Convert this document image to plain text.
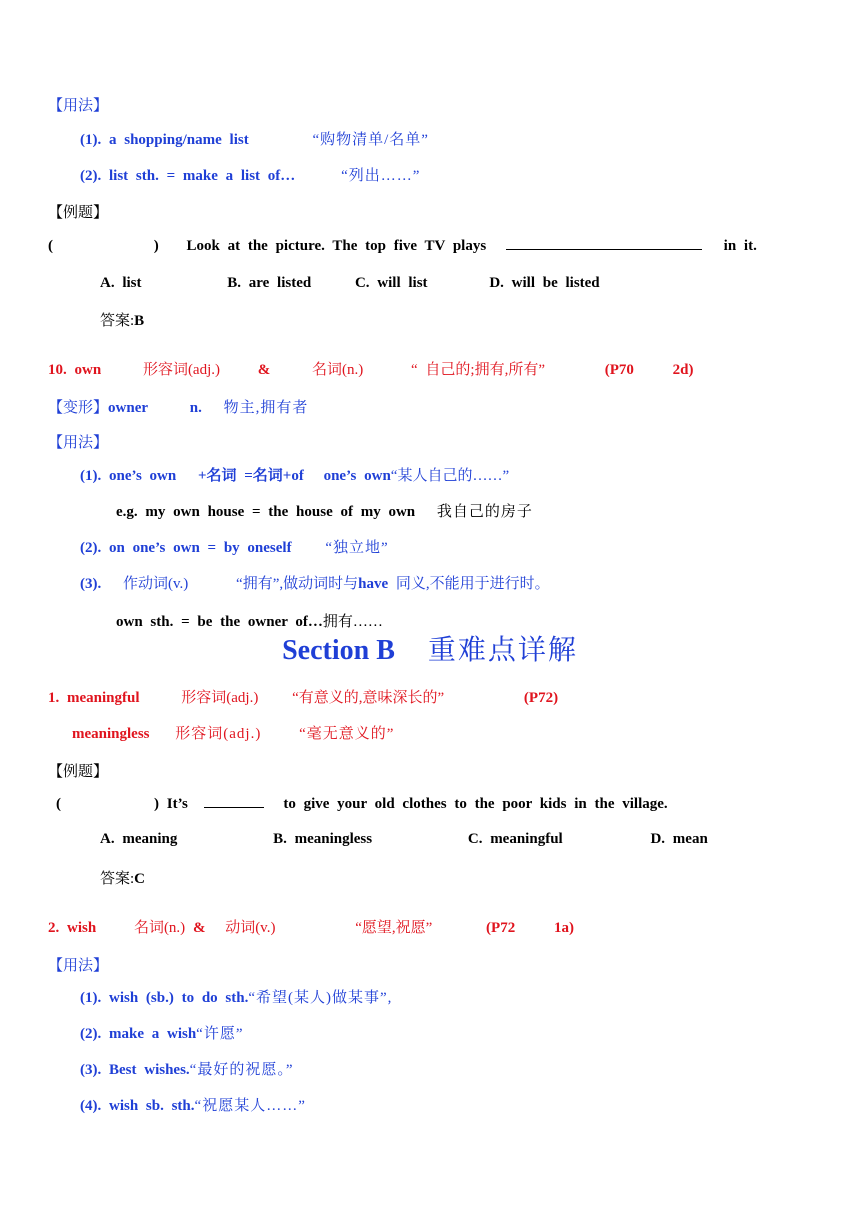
【用法】
(1). a shopping/name list	“购物清单/名单”
(2). list sth. = make a list of…	“列出……”
【例题】
(             ) Look at the picture. The top five TV plays	in it.
A. list	B. are listed	C. will list	D. will be listed
答案:B
10. own	形容词(adj.)	&	名词(n.)	“ 自己的;拥有,所有”	(P70     2d)
【变形】owner	n. 物主,拥有者
【用法】
(1). one’s own +名词 =名词+of one’s own“某人自己的……”
e.g. my own house = the house of my own 我自己的房子
(2). on one’s own = by oneself “独立地”
(3). 作动词(v.)	“拥有”,做动词时与have 同义,不能用于进行时。
own sth. = be the owner of…拥有……
Section B 重难点详解
1. meaningful	形容词(adj.) “有意义的,意味深长的”	(P72)
meaningless 形容词(adj.)	“毫无意义的”
【例题】
(            ) It’s	to give your old clothes to the poor kids in the village.
A. meaning	B. meaningless	C. meaningful	D. mean
答案:C
2. wish	名词(n.) & 动词(v.)	“愿望,祝愿”	(P72     1a)
【用法】
(1). wish (sb.) to do sth.“希望(某人)做某事”,
(2). make a wish“许愿”
(3). Best wishes.“最好的祝愿。”
(4). wish sb. sth.“祝愿某人……”
